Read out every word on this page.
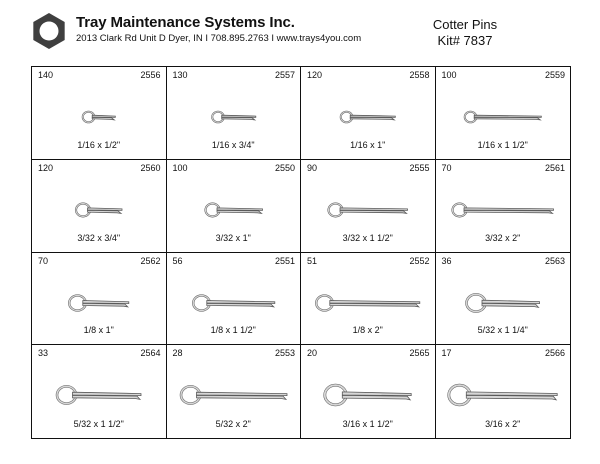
Tray Maintenance Systems Inc.
2013 Clark Rd Unit D Dyer, IN I 708.895.2763 I www.trays4you.com
Cotter Pins
Kit# 7837
140	2556
1/16 x 1/2"
130	2557
1/16 x 3/4"
120	2558
1/16 x 1"
100	2559
1/16 x 1 1/2"
120	2560
3/32 x 3/4"
100	2550
3/32 x 1"
90	2555
3/32 x 1 1/2"
70	2561
3/32 x 2"
70	2562
1/8 x 1"
56	2551
1/8 x 1 1/2"
51	2552
1/8 x 2"
36	2563
5/32 x 1 1/4"
33	2564
5/32 x 1 1/2"
28	2553
5/32 x 2"
20	2565
3/16 x 1 1/2"
17	2566
3/16 x 2"
